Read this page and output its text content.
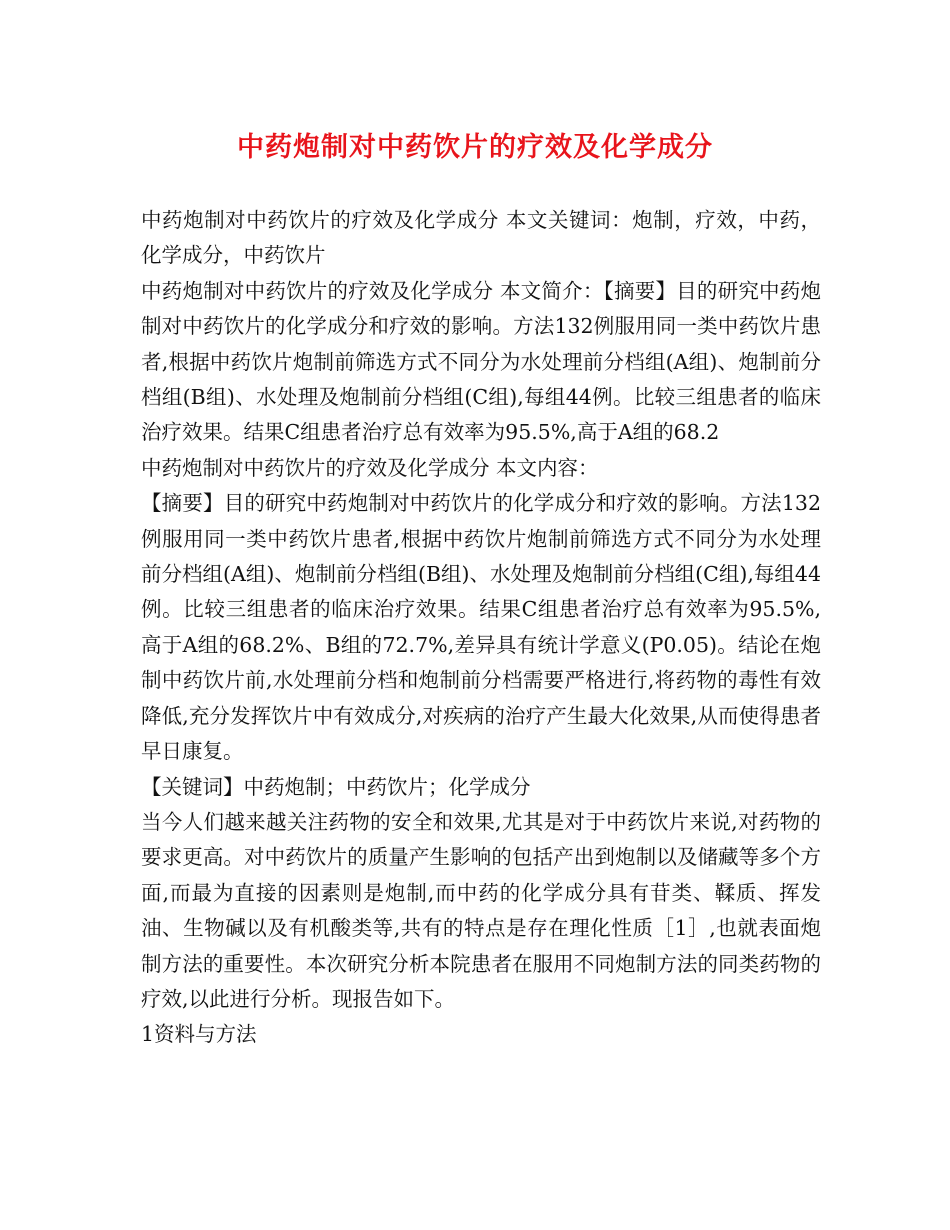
中药炮制对中药饮片的疗效及化学成分

中药炮制对中药饮片的疗效及化学成分 本文关键词：炮制，疗效，中药，化学成分，中药饮片

中药炮制对中药饮片的疗效及化学成分 本文简介：【摘要】目的研究中药炮制对中药饮片的化学成分和疗效的影响。方法132例服用同一类中药饮片患者,根据中药饮片炮制前筛选方式不同分为水处理前分档组(A组)、炮制前分档组(B组)、水处理及炮制前分档组(C组),每组44例。比较三组患者的临床治疗效果。结果C组患者治疗总有效率为95.5%,高于A组的68.2

中药炮制对中药饮片的疗效及化学成分 本文内容：

【摘要】目的研究中药炮制对中药饮片的化学成分和疗效的影响。方法132例服用同一类中药饮片患者,根据中药饮片炮制前筛选方式不同分为水处理前分档组(A组)、炮制前分档组(B组)、水处理及炮制前分档组(C组),每组44例。比较三组患者的临床治疗效果。结果C组患者治疗总有效率为95.5%,高于A组的68.2%、B组的72.7%,差异具有统计学意义(P0.05)。结论在炮制中药饮片前,水处理前分档和炮制前分档需要严格进行,将药物的毒性有效降低,充分发挥饮片中有效成分,对疾病的治疗产生最大化效果,从而使得患者早日康复。

【关键词】中药炮制；中药饮片；化学成分

当今人们越来越关注药物的安全和效果,尤其是对于中药饮片来说,对药物的要求更高。对中药饮片的质量产生影响的包括产出到炮制以及储藏等多个方面,而最为直接的因素则是炮制,而中药的化学成分具有苷类、鞣质、挥发油、生物碱以及有机酸类等,共有的特点是存在理化性质［1］,也就表面炮制方法的重要性。本次研究分析本院患者在服用不同炮制方法的同类药物的疗效,以此进行分析。现报告如下。

1资料与方法
